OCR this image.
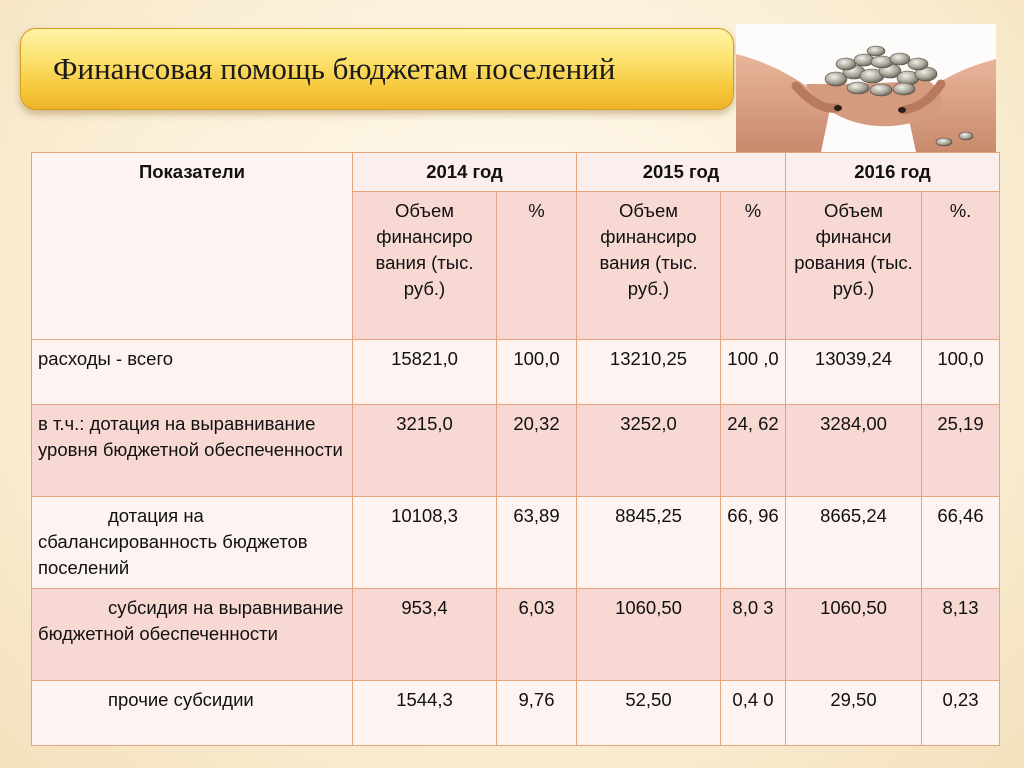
Финансовая помощь бюджетам поселений
Показатели	2014 год		2015 год		2016 год	
	Объем финансиро вания (тыс. руб.)	%	Объем финансиро вания (тыс. руб.)	%	Объем финанси рования (тыс. руб.)	%.
расходы - всего	15821,0	100,0	13210,25	100 ,0	13039,24	100,0
в т.ч.: дотация на выравнивание уровня бюджетной обеспеченности	3215,0	20,32	3252,0	24, 62	3284,00	25,19
дотация на сбалансированность бюджетов поселений	10108,3	63,89	8845,25	66, 96	8665,24	66,46
субсидия на выравнивание бюджетной обеспеченности	953,4	6,03	1060,50	8,0 3	1060,50	8,13
прочие субсидии	1544,3	9,76	52,50	0,4 0	29,50	0,23
